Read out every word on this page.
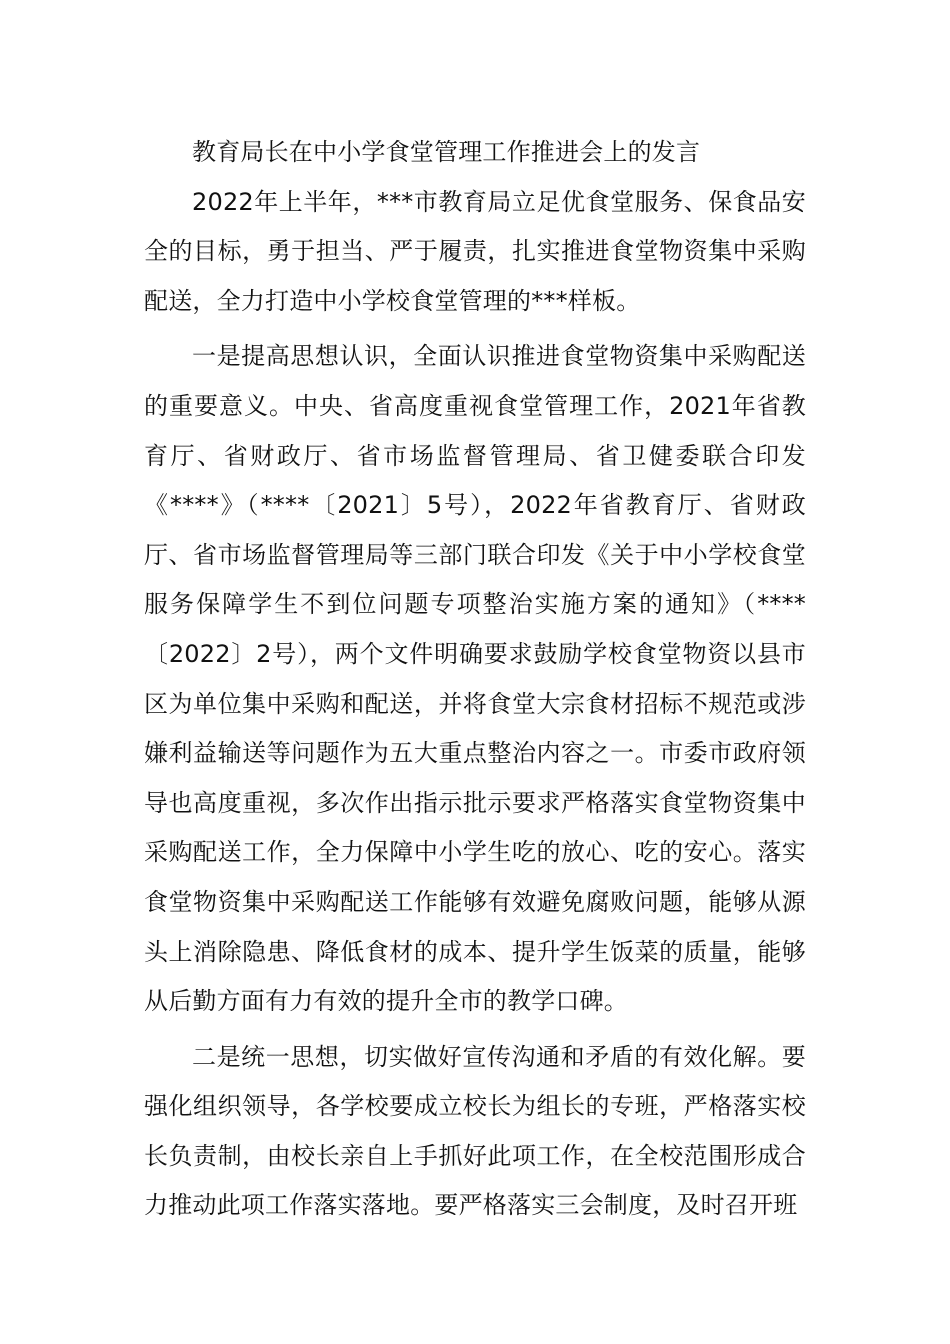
教育局长在中小学食堂管理工作推进会上的发言

2022年上半年，***市教育局立足优食堂服务、保食品安全的目标，勇于担当、严于履责，扎实推进食堂物资集中采购配送，全力打造中小学校食堂管理的***样板。

一是提高思想认识，全面认识推进食堂物资集中采购配送的重要意义。中央、省高度重视食堂管理工作，2021年省教育厅、省财政厅、省市场监督管理局、省卫健委联合印发《****》（****〔2021〕5号），2022年省教育厅、省财政厅、省市场监督管理局等三部门联合印发《关于中小学校食堂服务保障学生不到位问题专项整治实施方案的通知》（****〔2022〕2号），两个文件明确要求鼓励学校食堂物资以县市区为单位集中采购和配送，并将食堂大宗食材招标不规范或涉嫌利益输送等问题作为五大重点整治内容之一。市委市政府领导也高度重视，多次作出指示批示要求严格落实食堂物资集中采购配送工作，全力保障中小学生吃的放心、吃的安心。落实食堂物资集中采购配送工作能够有效避免腐败问题，能够从源头上消除隐患、降低食材的成本、提升学生饭菜的质量，能够从后勤方面有力有效的提升全市的教学口碑。

二是统一思想，切实做好宣传沟通和矛盾的有效化解。要强化组织领导，各学校要成立校长为组长的专班，严格落实校长负责制，由校长亲自上手抓好此项工作，在全校范围形成合力推动此项工作落实落地。要严格落实三会制度，及时召开班
